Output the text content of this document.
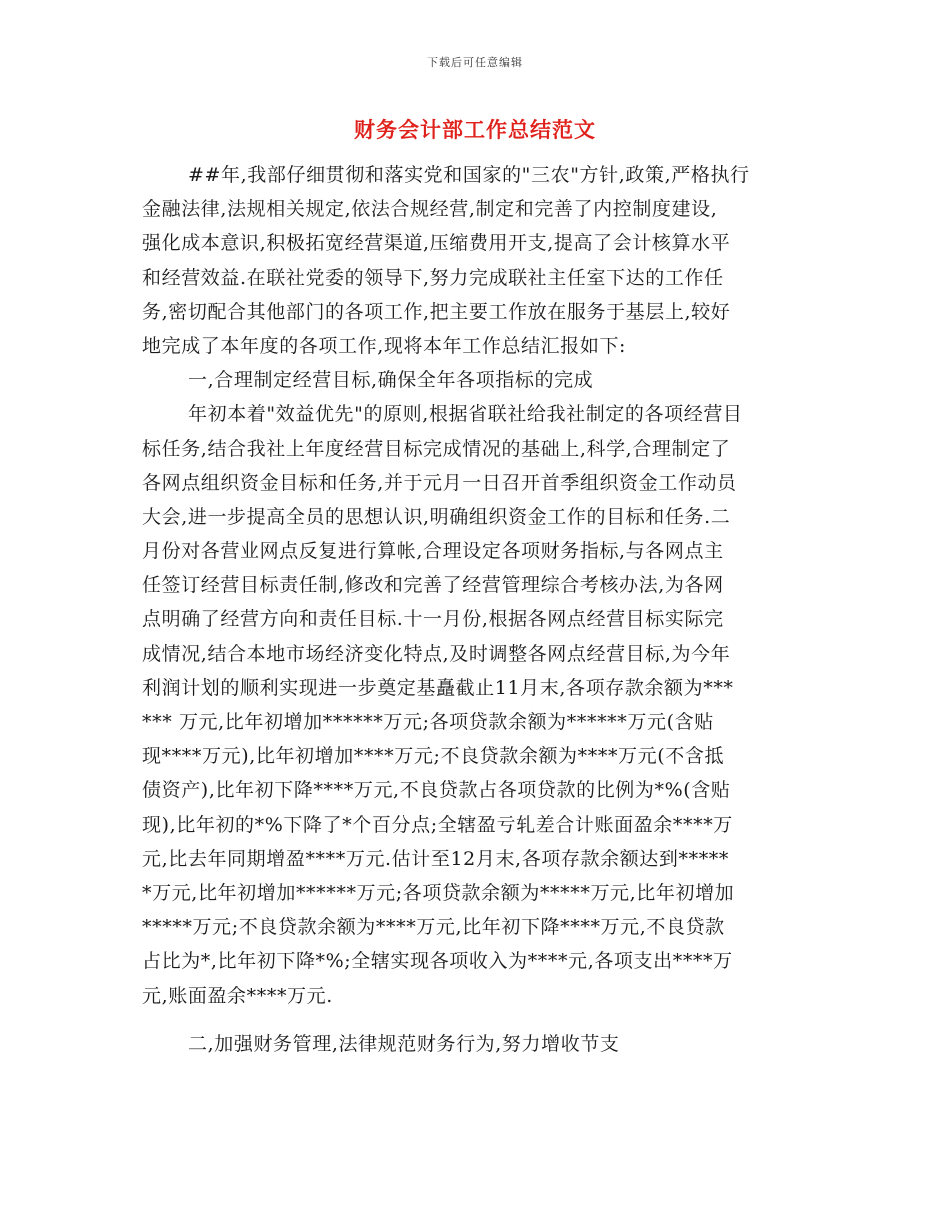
下载后可任意编辑
财务会计部工作总结范文
##年,我部仔细贯彻和落实党和国家的"三农"方针,政策,严格执行
金融法律,法规相关规定,依法合规经营,制定和完善了内控制度建设,
强化成本意识,积极拓宽经营渠道,压缩费用开支,提高了会计核算水平
和经营效益.在联社党委的领导下,努力完成联社主任室下达的工作任
务,密切配合其他部门的各项工作,把主要工作放在服务于基层上,较好
地完成了本年度的各项工作,现将本年工作总结汇报如下:
一,合理制定经营目标,确保全年各项指标的完成
年初本着"效益优先"的原则,根据省联社给我社制定的各项经营目
标任务,结合我社上年度经营目标完成情况的基础上,科学,合理制定了
各网点组织资金目标和任务,并于元月一日召开首季组织资金工作动员
大会,进一步提高全员的思想认识,明确组织资金工作的目标和任务.二
月份对各营业网点反复进行算帐,合理设定各项财务指标,与各网点主
任签订经营目标责任制,修改和完善了经营管理综合考核办法,为各网
点明确了经营方向和责任目标.十一月份,根据各网点经营目标实际完
成情况,结合本地市场经济变化特点,及时调整各网点经营目标,为今年
利润计划的顺利实现进一步奠定基矗截止11月末,各项存款余额为***
*** 万元,比年初增加******万元;各项贷款余额为******万元(含贴
现****万元),比年初增加****万元;不良贷款余额为****万元(不含抵
债资产),比年初下降****万元,不良贷款占各项贷款的比例为*%(含贴
现),比年初的*%下降了*个百分点;全辖盈亏轧差合计账面盈余****万
元,比去年同期增盈****万元.估计至12月末,各项存款余额达到*****
*万元,比年初增加******万元;各项贷款余额为*****万元,比年初增加
*****万元;不良贷款余额为****万元,比年初下降****万元,不良贷款
占比为*,比年初下降*%;全辖实现各项收入为****元,各项支出****万
元,账面盈余****万元.
二,加强财务管理,法律规范财务行为,努力增收节支
